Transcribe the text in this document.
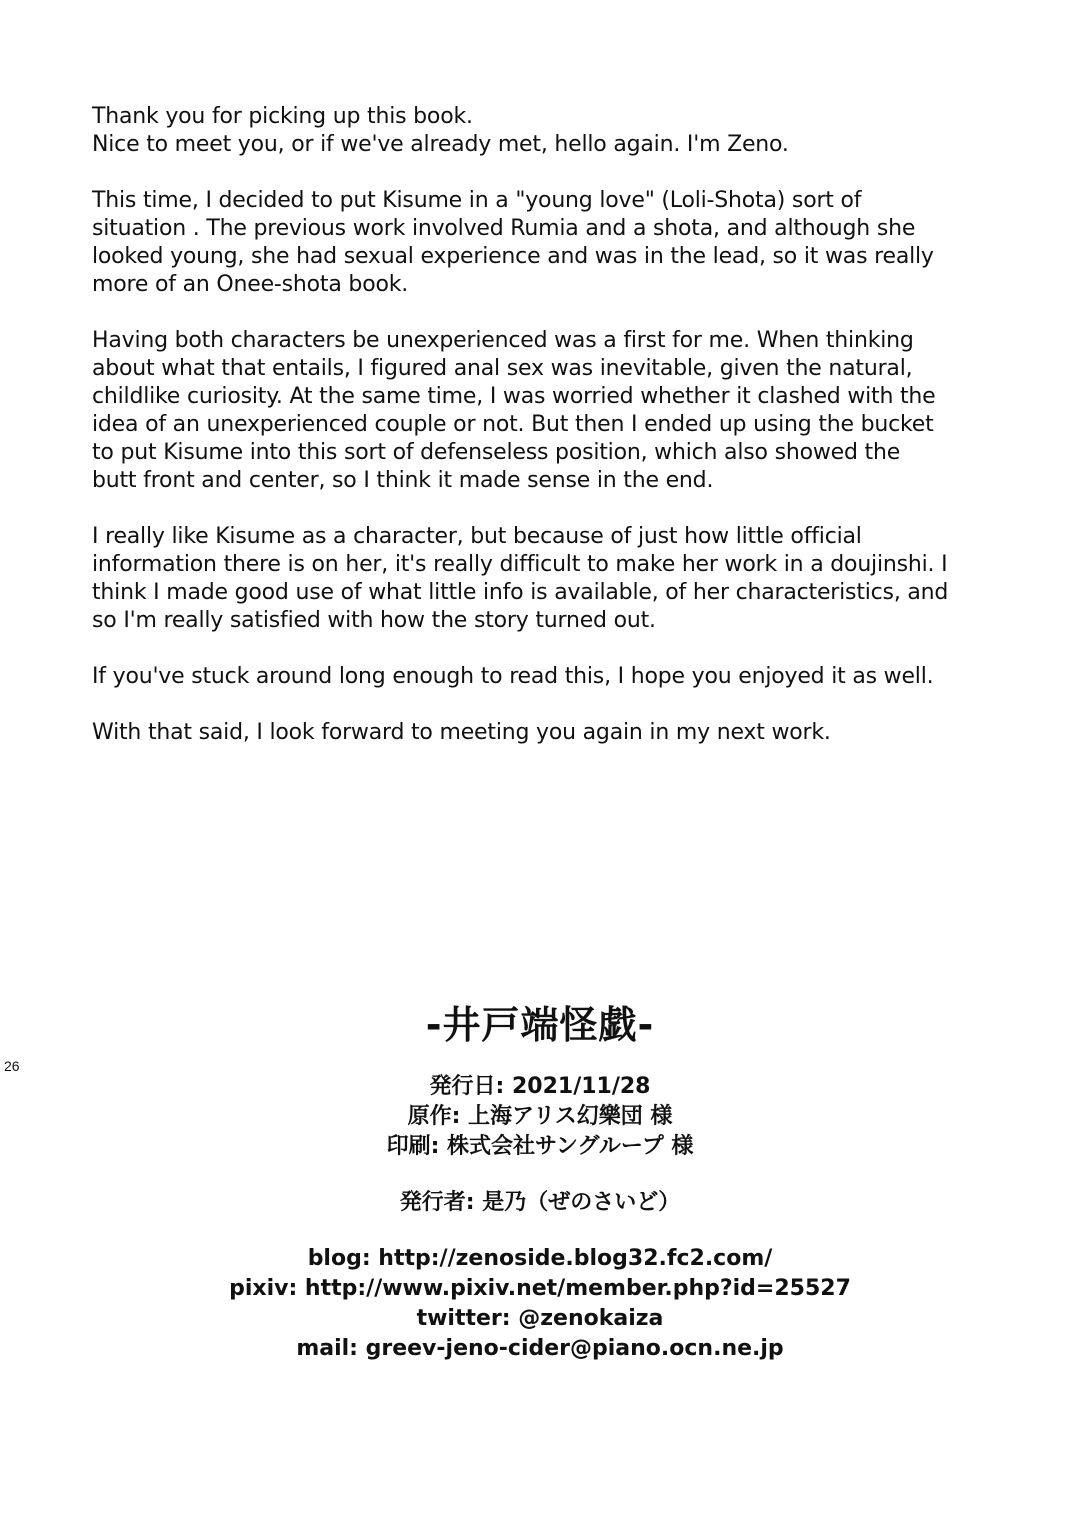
Thank you for picking up this book.
Nice to meet you, or if we've already met, hello again. I'm Zeno.

This time, I decided to put Kisume in a "young love" (Loli-Shota) sort of
situation . The previous work involved Rumia and a shota, and although she
looked young, she had sexual experience and was in the lead, so it was really
more of an Onee-shota book.

Having both characters be unexperienced was a first for me. When thinking
about what that entails, I figured anal sex was inevitable, given the natural,
childlike curiosity. At the same time, I was worried whether it clashed with the
idea of an unexperienced couple or not. But then I ended up using the bucket
to put Kisume into this sort of defenseless position, which also showed the
butt front and center, so I think it made sense in the end.

I really like Kisume as a character, but because of just how little official
information there is on her, it's really difficult to make her work in a doujinshi. I
think I made good use of what little info is available, of her characteristics, and
so I'm really satisfied with how the story turned out.

If you've stuck around long enough to read this, I hope you enjoyed it as well.

With that said, I look forward to meeting you again in my next work.

-井戸端怪戯-
発行日: 2021/11/28
原作: 上海アリス幻樂団 様
印刷: 株式会社サングループ 様
発行者: 是乃（ぜのさいど）
blog: http://zenoside.blog32.fc2.com/
pixiv: http://www.pixiv.net/member.php?id=25527
twitter: @zenokaiza
mail: greev-jeno-cider@piano.ocn.ne.jp
26
